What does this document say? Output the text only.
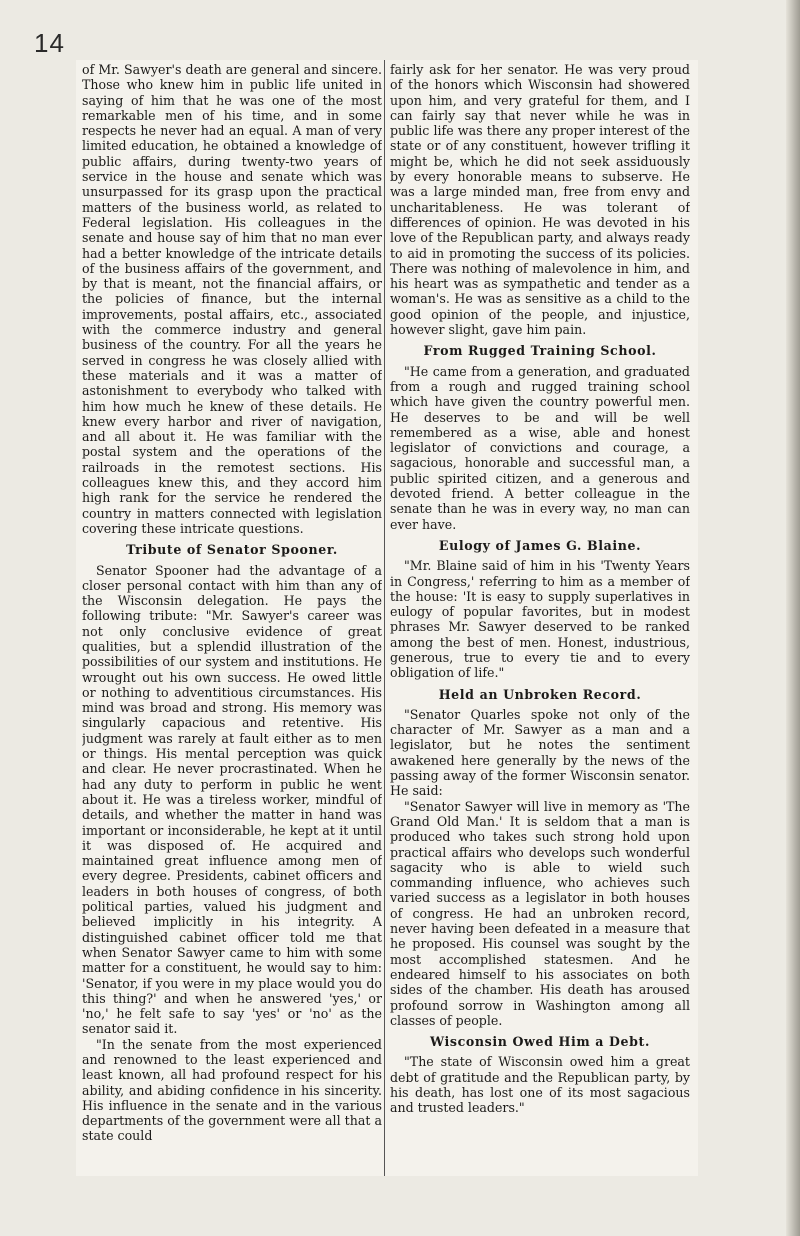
14

of Mr. Sawyer's death are general and sincere. Those who knew him in public life united in saying of him that he was one of the most remarkable men of his time, and in some respects he never had an equal. A man of very limited education, he obtained a knowledge of public affairs, during twenty-two years of service in the house and senate which was unsurpassed for its grasp upon the practical matters of the business world, as related to Federal legislation. His colleagues in the senate and house say of him that no man ever had a better knowledge of the intricate details of the business affairs of the government, and by that is meant, not the financial affairs, or the policies of finance, but the internal improvements, postal affairs, etc., associated with the commerce industry and general business of the country. For all the years he served in congress he was closely allied with these materials and it was a matter of astonishment to everybody who talked with him how much he knew of these details. He knew every harbor and river of navigation, and all about it. He was familiar with the postal system and the operations of the railroads in the remotest sections. His colleagues knew this, and they accord him high rank for the service he rendered the country in matters connected with legislation covering these intricate questions.

Tribute of Senator Spooner.

Senator Spooner had the advantage of a closer personal contact with him than any of the Wisconsin delegation. He pays the following tribute: "Mr. Sawyer's career was not only conclusive evidence of great qualities, but a splendid illustration of the possibilities of our system and institutions. He wrought out his own success. He owed little or nothing to adventitious circumstances. His mind was broad and strong. His memory was singularly capacious and retentive. His judgment was rarely at fault either as to men or things. His mental perception was quick and clear. He never procrastinated. When he had any duty to perform in public he went about it. He was a tireless worker, mindful of details, and whether the matter in hand was important or inconsiderable, he kept at it until it was disposed of. He acquired and maintained great influence among men of every degree. Presidents, cabinet officers and leaders in both houses of congress, of both political parties, valued his judgment and believed implicitly in his integrity. A distinguished cabinet officer told me that when Senator Sawyer came to him with some matter for a constituent, he would say to him: 'Senator, if you were in my place would you do this thing?' and when he answered 'yes,' or 'no,' he felt safe to say 'yes' or 'no' as the senator said it.

"In the senate from the most experienced and renowned to the least experienced and least known, all had profound respect for his ability, and abiding confidence in his sincerity. His influence in the senate and in the various departments of the government were all that a state could

fairly ask for her senator. He was very proud of the honors which Wisconsin had showered upon him, and very grateful for them, and I can fairly say that never while he was in public life was there any proper interest of the state or of any constituent, however trifling it might be, which he did not seek assiduously by every honorable means to subserve. He was a large minded man, free from envy and uncharitableness. He was tolerant of differences of opinion. He was devoted in his love of the Republican party, and always ready to aid in promoting the success of its policies. There was nothing of malevolence in him, and his heart was as sympathetic and tender as a woman's. He was as sensitive as a child to the good opinion of the people, and injustice, however slight, gave him pain.

From Rugged Training School.

"He came from a generation, and graduated from a rough and rugged training school which have given the country powerful men. He deserves to be and will be well remembered as a wise, able and honest legislator of convictions and courage, a sagacious, honorable and successful man, a public spirited citizen, and a generous and devoted friend. A better colleague in the senate than he was in every way, no man can ever have.

Eulogy of James G. Blaine.

"Mr. Blaine said of him in his 'Twenty Years in Congress,' referring to him as a member of the house: 'It is easy to supply superlatives in eulogy of popular favorites, but in modest phrases Mr. Sawyer deserved to be ranked among the best of men. Honest, industrious, generous, true to every tie and to every obligation of life."

Held an Unbroken Record.

"Senator Quarles spoke not only of the character of Mr. Sawyer as a man and a legislator, but he notes the sentiment awakened here generally by the news of the passing away of the former Wisconsin senator. He said:

"Senator Sawyer will live in memory as 'The Grand Old Man.' It is seldom that a man is produced who takes such strong hold upon practical affairs who develops such wonderful sagacity who is able to wield such commanding influence, who achieves such varied success as a legislator in both houses of congress. He had an unbroken record, never having been defeated in a measure that he proposed. His counsel was sought by the most accomplished statesmen. And he endeared himself to his associates on both sides of the chamber. His death has aroused profound sorrow in Washington among all classes of people.

Wisconsin Owed Him a Debt.

"The state of Wisconsin owed him a great debt of gratitude and the Republican party, by his death, has lost one of its most sagacious and trusted leaders."
